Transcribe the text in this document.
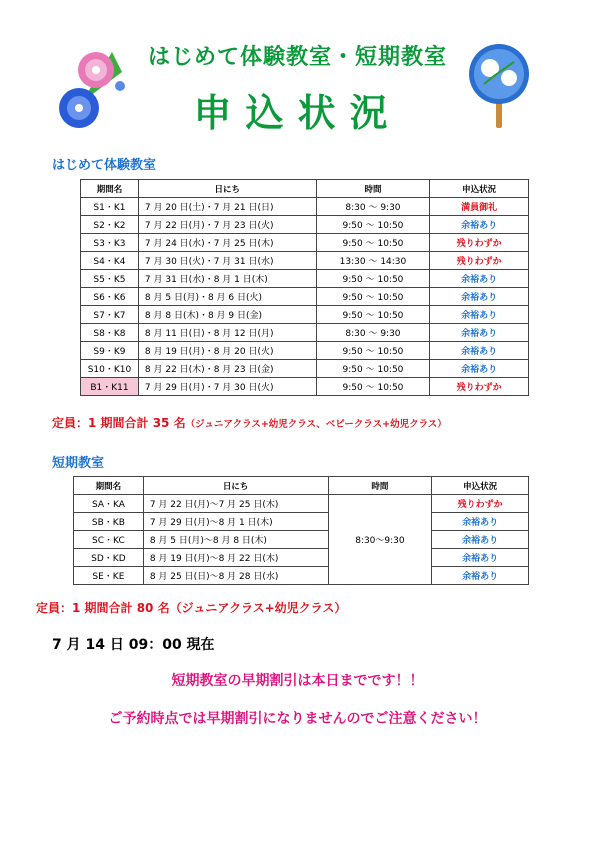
はじめて体験教室・短期教室
申込状況
はじめて体験教室
期間名	日にち	時間	申込状況
S1・K1	7 月 20 日(土)・7 月 21 日(日)	8:30 〜 9:30	満員御礼
S2・K2	7 月 22 日(月)・7 月 23 日(火)	9:50 〜 10:50	余裕あり
S3・K3	7 月 24 日(水)・7 月 25 日(木)	9:50 〜 10:50	残りわずか
S4・K4	7 月 30 日(火)・7 月 31 日(水)	13:30 〜 14:30	残りわずか
S5・K5	7 月 31 日(水)・8 月 1 日(木)	9:50 〜 10:50	余裕あり
S6・K6	8 月 5 日(月)・8 月 6 日(火)	9:50 〜 10:50	余裕あり
S7・K7	8 月 8 日(木)・8 月 9 日(金)	9:50 〜 10:50	余裕あり
S8・K8	8 月 11 日(日)・8 月 12 日(月)	8:30 〜 9:30	余裕あり
S9・K9	8 月 19 日(月)・8 月 20 日(火)	9:50 〜 10:50	余裕あり
S10・K10	8 月 22 日(木)・8 月 23 日(金)	9:50 〜 10:50	余裕あり
B1・K11	7 月 29 日(月)・7 月 30 日(火)	9:50 〜 10:50	残りわずか
定員：1 期間合計 35 名（ジュニアクラス+幼児クラス、ベビークラス+幼児クラス）
短期教室
期間名	日にち	時間	申込状況
SA・KA	7 月 22 日(月)〜7 月 25 日(木)	8:30〜9:30	残りわずか
SB・KB	7 月 29 日(月)〜8 月 1 日(木)		余裕あり
SC・KC	8 月 5 日(月)〜8 月 8 日(木)		余裕あり
SD・KD	8 月 19 日(月)〜8 月 22 日(木)		余裕あり
SE・KE	8 月 25 日(日)〜8 月 28 日(水)		余裕あり
定員：1 期間合計 80 名（ジュニアクラス+幼児クラス）
7 月 14 日 09：00 現在
短期教室の早期割引は本日までです！！
ご予約時点では早期割引になりませんのでご注意ください！
